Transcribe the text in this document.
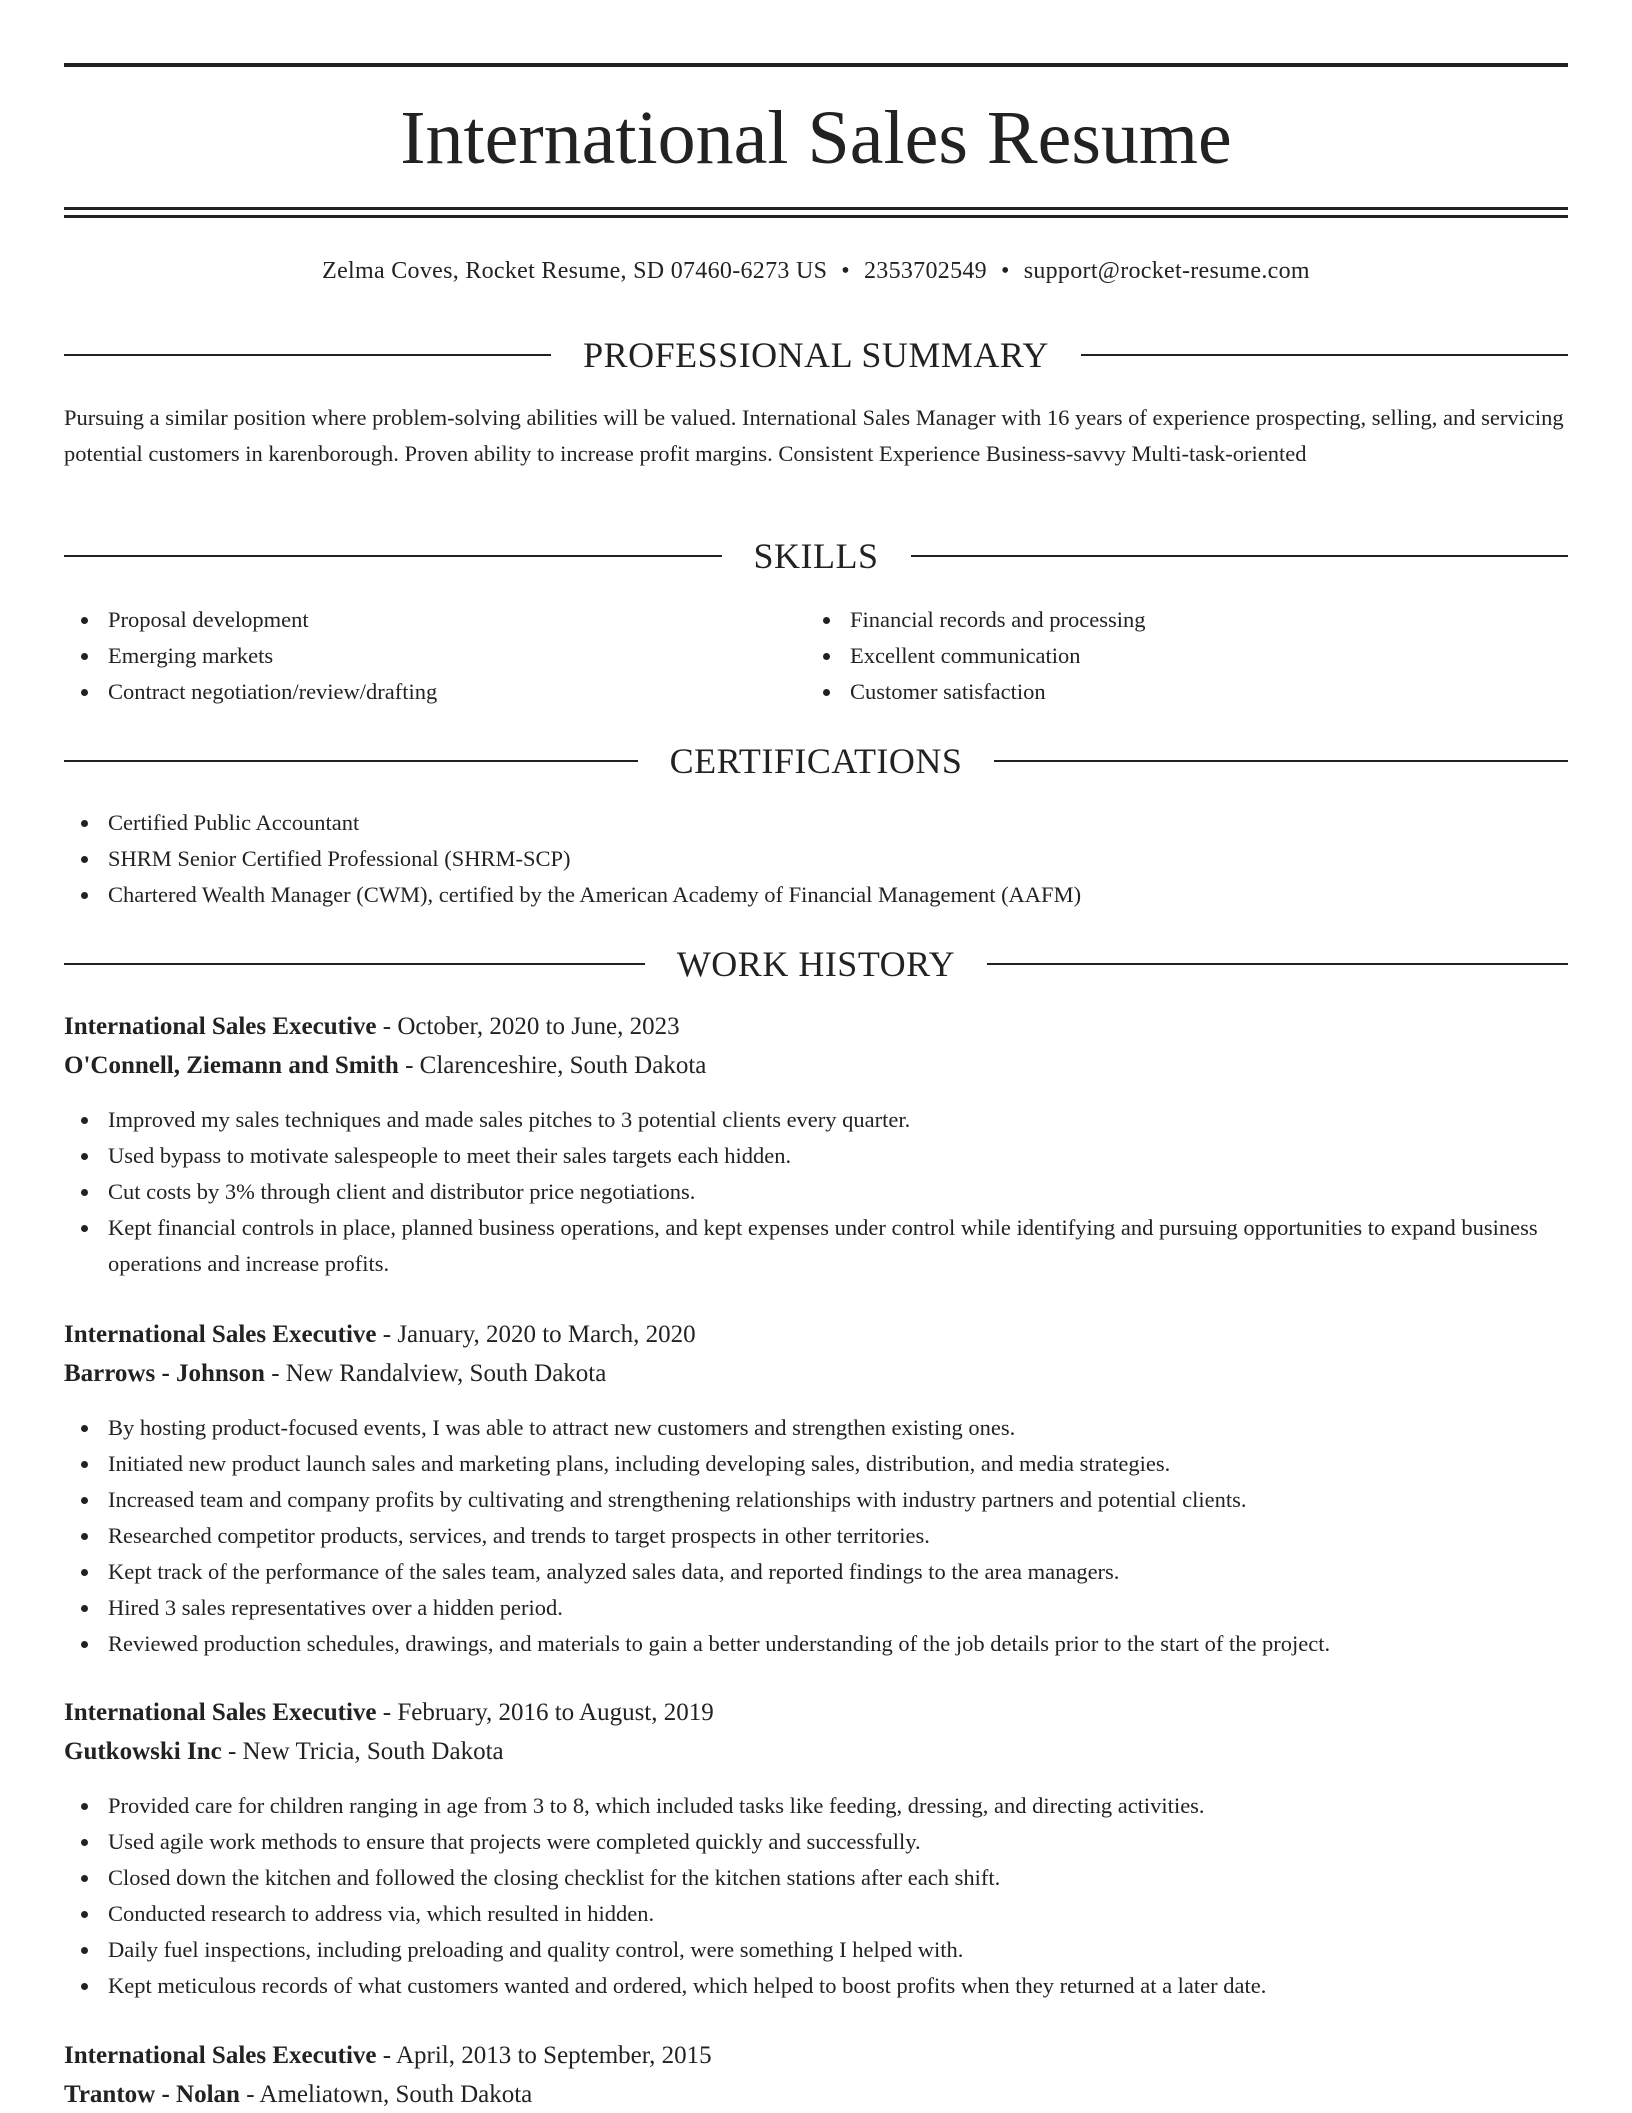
International Sales Resume
Zelma Coves, Rocket Resume, SD 07460-6273 US • 2353702549 • support@rocket-resume.com
PROFESSIONAL SUMMARY

Pursuing a similar position where problem-solving abilities will be valued. International Sales Manager with 16 years of experience prospecting, selling, and servicing potential customers in karenborough. Proven ability to increase profit margins. Consistent Experience Business-savvy Multi-task-oriented

SKILLS
Proposal development
Emerging markets
Contract negotiation/review/drafting
Financial records and processing
Excellent communication
Customer satisfaction
CERTIFICATIONS
Certified Public Accountant
SHRM Senior Certified Professional (SHRM-SCP)
Chartered Wealth Manager (CWM), certified by the American Academy of Financial Management (AAFM)
WORK HISTORY
International Sales Executive - October, 2020 to June, 2023
O'Connell, Ziemann and Smith - Clarenceshire, South Dakota
Improved my sales techniques and made sales pitches to 3 potential clients every quarter.
Used bypass to motivate salespeople to meet their sales targets each hidden.
Cut costs by 3% through client and distributor price negotiations.
Kept financial controls in place, planned business operations, and kept expenses under control while identifying and pursuing opportunities to expand business operations and increase profits.
International Sales Executive - January, 2020 to March, 2020
Barrows - Johnson - New Randalview, South Dakota
By hosting product-focused events, I was able to attract new customers and strengthen existing ones.
Initiated new product launch sales and marketing plans, including developing sales, distribution, and media strategies.
Increased team and company profits by cultivating and strengthening relationships with industry partners and potential clients.
Researched competitor products, services, and trends to target prospects in other territories.
Kept track of the performance of the sales team, analyzed sales data, and reported findings to the area managers.
Hired 3 sales representatives over a hidden period.
Reviewed production schedules, drawings, and materials to gain a better understanding of the job details prior to the start of the project.
International Sales Executive - February, 2016 to August, 2019
Gutkowski Inc - New Tricia, South Dakota
Provided care for children ranging in age from 3 to 8, which included tasks like feeding, dressing, and directing activities.
Used agile work methods to ensure that projects were completed quickly and successfully.
Closed down the kitchen and followed the closing checklist for the kitchen stations after each shift.
Conducted research to address via, which resulted in hidden.
Daily fuel inspections, including preloading and quality control, were something I helped with.
Kept meticulous records of what customers wanted and ordered, which helped to boost profits when they returned at a later date.
International Sales Executive - April, 2013 to September, 2015
Trantow - Nolan - Ameliatown, South Dakota
